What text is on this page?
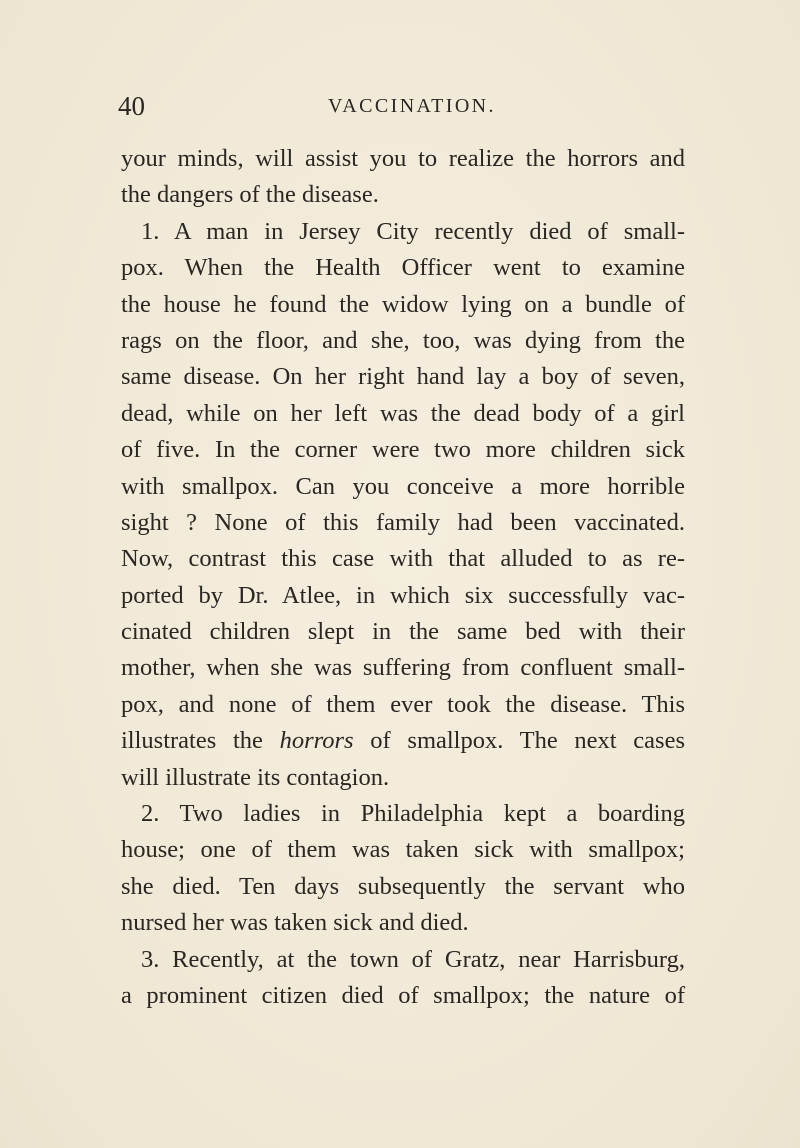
40	VACCINATION.
your minds, will assist you to realize the horrors and
the dangers of the disease.
1. A man in Jersey City recently died of small-
pox. When the Health Officer went to examine
the house he found the widow lying on a bundle of
rags on the floor, and she, too, was dying from the
same disease. On her right hand lay a boy of seven,
dead, while on her left was the dead body of a girl
of five. In the corner were two more children sick
with smallpox. Can you conceive a more horrible
sight ? None of this family had been vaccinated.
Now, contrast this case with that alluded to as re-
ported by Dr. Atlee, in which six successfully vac-
cinated children slept in the same bed with their
mother, when she was suffering from confluent small-
pox, and none of them ever took the disease. This
illustrates the horrors of smallpox. The next cases
will illustrate its contagion.
2. Two ladies in Philadelphia kept a boarding
house; one of them was taken sick with smallpox;
she died. Ten days subsequently the servant who
nursed her was taken sick and died.
3. Recently, at the town of Gratz, near Harrisburg,
a prominent citizen died of smallpox; the nature of
